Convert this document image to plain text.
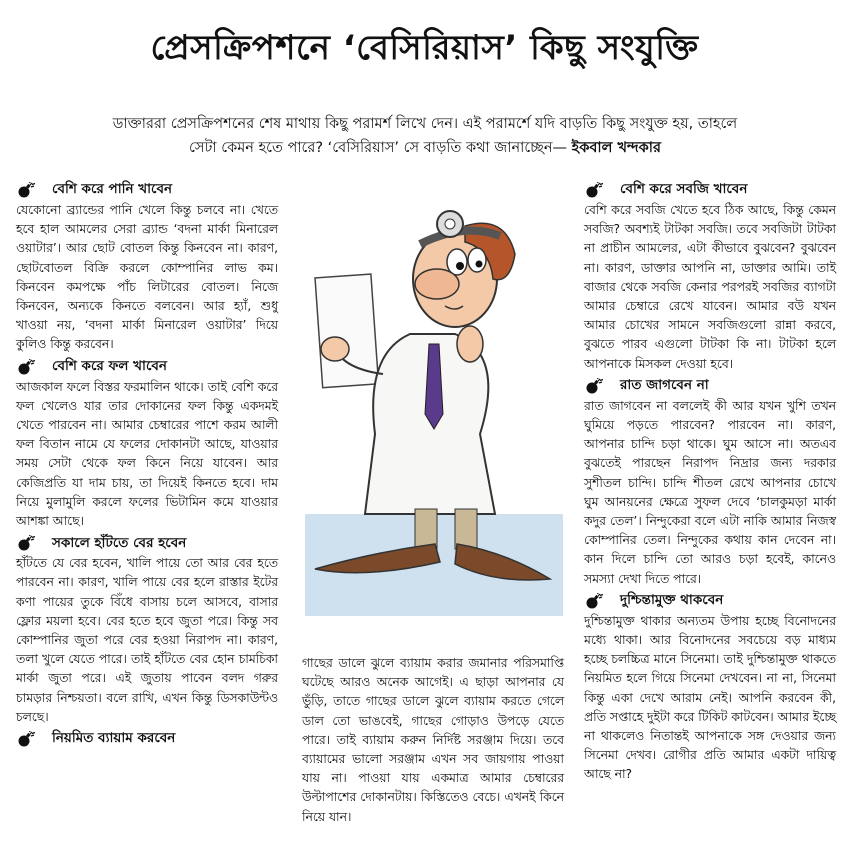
প্রেসক্রিপশনে ‘বেসিরিয়াস’ কিছু সংযুক্তি
ডাক্তাররা প্রেসক্রিপশনের শেষ মাথায় কিছু পরামর্শ লিখে দেন। এই পরামর্শে যদি বাড়তি কিছু সংযুক্ত হয়, তাহলে
সেটা কেমন হতে পারে? ‘বেসিরিয়াস’ সে বাড়তি কথা জানাচ্ছেন— ইকবাল খন্দকার
বেশি করে পানি খাবেন

যেকোনো ব্র্যান্ডের পানি খেলে কিন্তু চলবে না। খেতে হবে হাল আমলের সেরা ব্র্যান্ড ‘বদনা মার্কা মিনারেল ওয়াটার’। আর ছোট বোতল কিন্তু কিনবেন না। কারণ, ছোটবোতল বিক্রি করলে কোম্পানির লাভ কম। কিনবেন কমপক্ষে পাঁচ লিটারের বোতল। নিজে কিনবেন, অন্যকে কিনতে বলবেন। আর হ্যাঁ, শুধু খাওয়া নয়, ‘বদনা মার্কা মিনারেল ওয়াটার’ দিয়ে কুলিও কিন্তু করবেন।

বেশি করে ফল খাবেন

আজকাল ফলে বিস্তর ফরমালিন থাকে। তাই বেশি করে ফল খেলেও যার তার দোকানের ফল কিন্তু একদমই খেতে পারবেন না। আমার চেম্বারের পাশে করম আলী ফল বিতান নামে যে ফলের দোকানটা আছে, যাওয়ার সময় সেটা থেকে ফল কিনে নিয়ে যাবেন। আর কেজিপ্রতি যা দাম চায়, তা দিয়েই কিনতে হবে। দাম নিয়ে মুলামুলি করলে ফলের ভিটামিন কমে যাওয়ার আশঙ্কা আছে।

সকালে হাঁটতে বের হবেন

হাঁটতে যে বের হবেন, খালি পায়ে তো আর বের হতে পারবেন না। কারণ, খালি পায়ে বের হলে রাস্তার ইটের কণা পায়ের তুকে বিঁধে বাসায় চলে আসবে, বাসার ফ্লোর ময়লা হবে। বের হতে হবে জুতা পরে। কিন্তু সব কোম্পানির জুতা পরে বের হওয়া নিরাপদ না। কারণ, তলা খুলে যেতে পারে। তাই হাঁটতে বের হোন চামচিকা মার্কা জুতা পরে। এই জুতায় পাবেন বলদ গরুর চামড়ার নিশ্চয়তা। বলে রাখি, এখন কিন্তু ডিসকাউন্টও চলছে।

নিয়মিত ব্যায়াম করবেন

গাছের ডালে ঝুলে ব্যায়াম করার জমানার পরিসমাপ্তি ঘটেছে আরও অনেক আগেই। এ ছাড়া আপনার যে ভুঁড়ি, তাতে গাছের ডালে ঝুলে ব্যায়াম করতে গেলে ডাল তো ভাঙবেই, গাছের গোড়াও উপড়ে যেতে পারে। তাই ব্যায়াম করুন নির্দিষ্ট সরঞ্জাম দিয়ে। তবে ব্যায়ামের ভালো সরঞ্জাম এখন সব জায়গায় পাওয়া যায় না। পাওয়া যায় একমাত্র আমার চেম্বারের উল্টাপাশের দোকানটায়। কিস্তিতেও বেচে। এখনই কিনে নিয়ে যান।

বেশি করে সবজি খাবেন

বেশি করে সবজি খেতে হবে ঠিক আছে, কিন্তু কেমন সবজি? অবশ্যই টাটকা সবজি। তবে সবজিটা টাটকা না প্রাচীন আমলের, এটা কীভাবে বুঝবেন? বুঝবেন না। কারণ, ডাক্তার আপনি না, ডাক্তার আমি। তাই বাজার থেকে সবজি কেনার পরপরই সবজির ব্যাগটা আমার চেম্বারে রেখে যাবেন। আমার বউ যখন আমার চোখের সামনে সবজিগুলো রান্না করবে, বুঝতে পারব এগুলো টাটকা কি না। টাটকা হলে আপনাকে মিসকল দেওয়া হবে।

রাত জাগবেন না

রাত জাগবেন না বললেই কী আর যখন খুশি তখন ঘুমিয়ে পড়তে পারবেন? পারবেন না। কারণ, আপনার চান্দি চড়া থাকে। ঘুম আসে না। অতএব বুঝতেই পারছেন নিরাপদ নিদ্রার জন্য দরকার সুশীতল চান্দি। চান্দি শীতল রেখে আপনার চোখে ঘুম আনয়নের ক্ষেত্রে সুফল দেবে ‘চালকুমড়া মার্কা কদুর তেল’। নিন্দুকেরা বলে এটা নাকি আমার নিজস্ব কোম্পানির তেল। নিন্দুকের কথায় কান দেবেন না। কান দিলে চান্দি তো আরও চড়া হবেই, কানেও সমস্যা দেখা দিতে পারে।

দুশ্চিন্তামুক্ত থাকবেন

দুশ্চিন্তামুক্ত থাকার অন্যতম উপায় হচ্ছে বিনোদনের মধ্যে থাকা। আর বিনোদনের সবচেয়ে বড় মাধ্যম হচ্ছে চলচ্চিত্র মানে সিনেমা। তাই দুশ্চিন্তামুক্ত থাকতে নিয়মিত হলে গিয়ে সিনেমা দেখবেন। না না, সিনেমা কিন্তু একা দেখে আরাম নেই। আপনি করবেন কী, প্রতি সপ্তাহে দুইটা করে টিকিট কাটবেন। আমার ইচ্ছে না থাকলেও নিতান্তই আপনাকে সঙ্গ দেওয়ার জন্য সিনেমা দেখব। রোগীর প্রতি আমার একটা দায়িত্ব আছে না?
